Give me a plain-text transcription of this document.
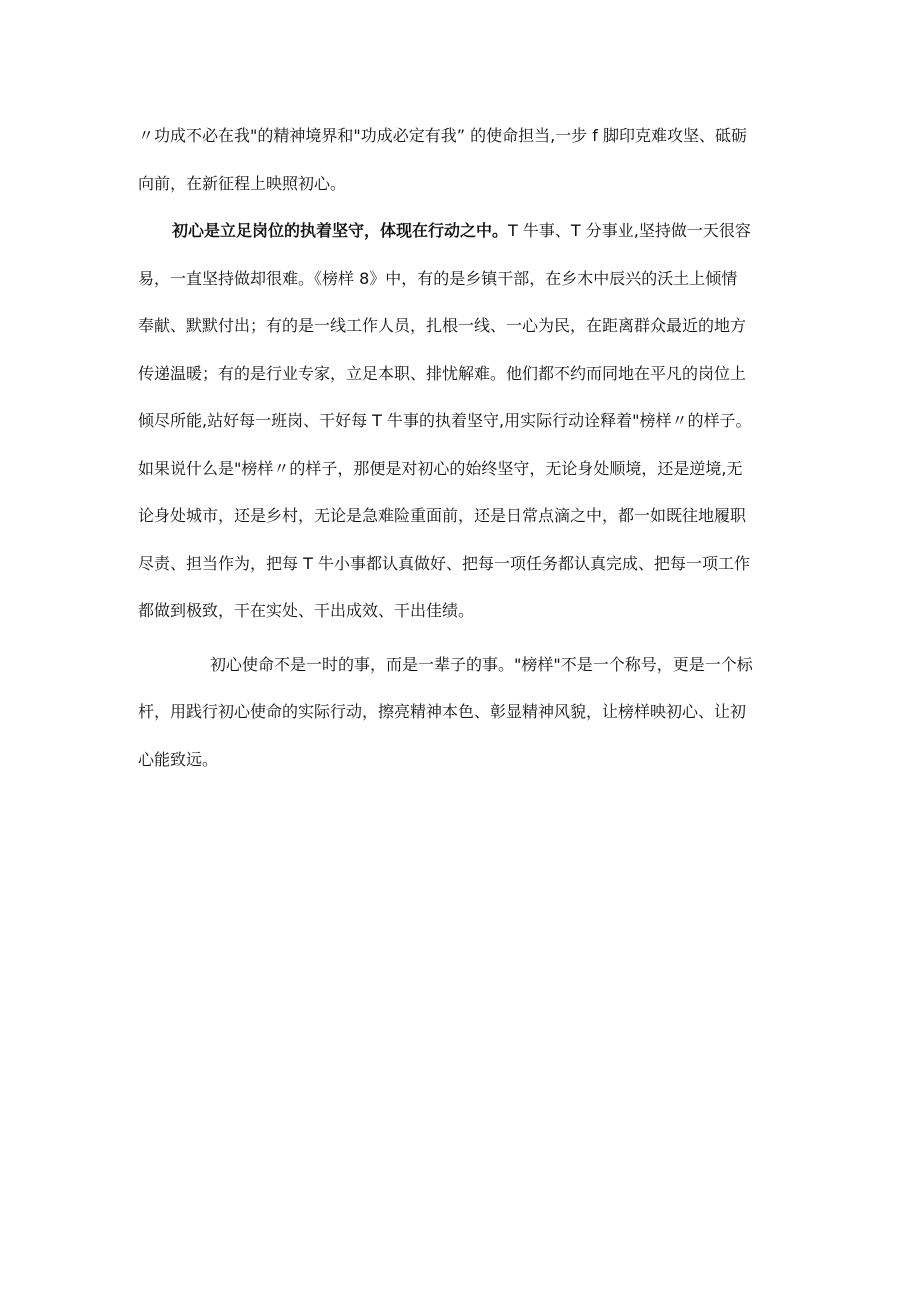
〃功成不必在我"的精神境界和"功成必定有我” 的使命担当,一步 f 脚印克难攻坚、砥砺
向前，在新征程上映照初心。
初心是立足岗位的执着坚守，体现在行动之中。T 牛事、T 分事业,坚持做一天很容
易，一直坚持做却很难。《榜样 8》中，有的是乡镇干部，在乡木中辰兴的沃土上倾情
奉献、默默付出；有的是一线工作人员，扎根一线、一心为民，在距离群众最近的地方
传递温暖；有的是行业专家，立足本职、排忧解难。他们都不约而同地在平凡的岗位上
倾尽所能,站好每一班岗、干好每 T 牛事的执着坚守,用实际行动诠释着"榜样〃的样子。
如果说什么是"榜样〃的样子，那便是对初心的始终坚守，无论身处顺境，还是逆境,无
论身处城市，还是乡村，无论是急难险重面前，还是日常点滴之中，都一如既往地履职
尽责、担当作为，把每 T 牛小事都认真做好、把每一项任务都认真完成、把每一项工作
都做到极致，干在实处、干出成效、干出佳绩。
初心使命不是一时的事，而是一辈子的事。"榜样"不是一个称号，更是一个标
杆，用践行初心使命的实际行动，擦亮精神本色、彰显精神风貌，让榜样映初心、让初
心能致远。
